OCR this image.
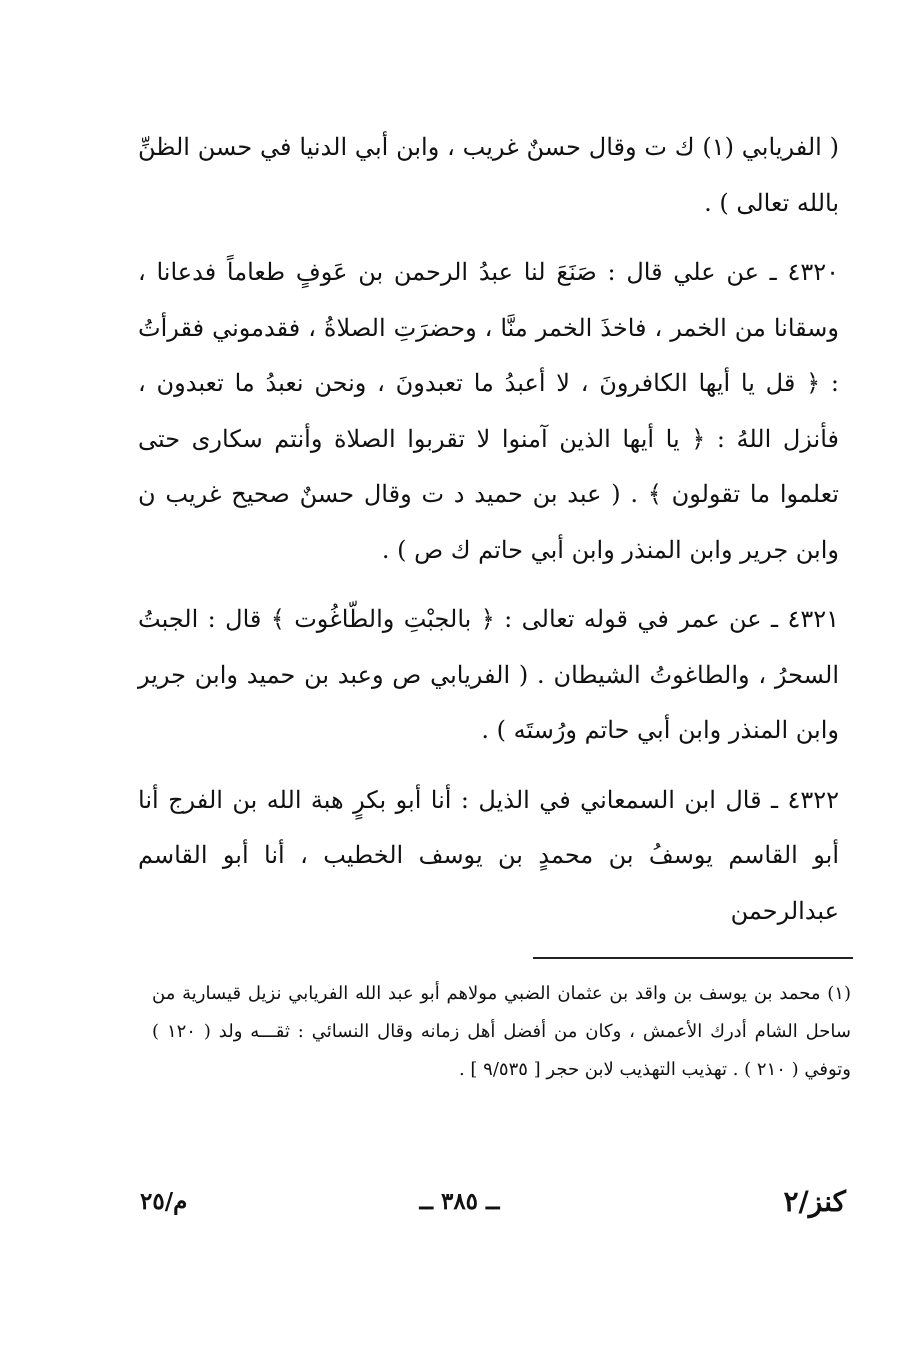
( الفريابي (١) ك ت وقال حسنٌ غريب ، وابن أبي الدنيا في حسن الظنِّ بالله تعالى ) .

٤٣٢٠ ـ عن علي قال : صَنَعَ لنا عبدُ الرحمن بن عَوفٍ طعاماً فدعانا ، وسقانا من الخمر ، فاخذَ الخمر منَّا ، وحضرَتِ الصلاةُ ، فقدموني فقرأتُ : ﴿ قل يا أيها الكافرونَ ، لا أعبدُ ما تعبدونَ ، ونحن نعبدُ ما تعبدون ، فأنزل اللهُ : ﴿ يا أيها الذين آمنوا لا تقربوا الصلاة وأنتم سكارى حتى تعلموا ما تقولون ﴾ . ( عبد بن حميد د ت وقال حسنٌ صحيح غريب ن وابن جرير وابن المنذر وابن أبي حاتم ك ص ) .

٤٣٢١ ـ عن عمر في قوله تعالى : ﴿ بالجبْتِ والطّاغُوت ﴾ قال : الجبتُ السحرُ ، والطاغوتُ الشيطان . ( الفريابي ص وعبد بن حميد وابن جرير وابن المنذر وابن أبي حاتم ورُستَه ) .

٤٣٢٢ ـ قال ابن السمعاني في الذيل : أنا أبو بكرٍ هبة الله بن الفرج أنا أبو القاسم يوسفُ بن محمدٍ بن يوسف الخطيب ، أنا أبو القاسم عبدالرحمن

(١) محمد بن يوسف بن واقد بن عثمان الضبي مولاهم أبو عبد الله الفريابي نزيل قيسارية من ساحل الشام أدرك الأعمش ، وكان من أفضل أهل زمانه وقال النسائي : ثقـــه ولد ( ١٢٠ ) وتوفي ( ٢١٠ ) . تهذيب التهذيب لابن حجر [ ٩/٥٣٥ ] .

كنز/٢
ــ ٣٨٥ ــ
م/٢٥
